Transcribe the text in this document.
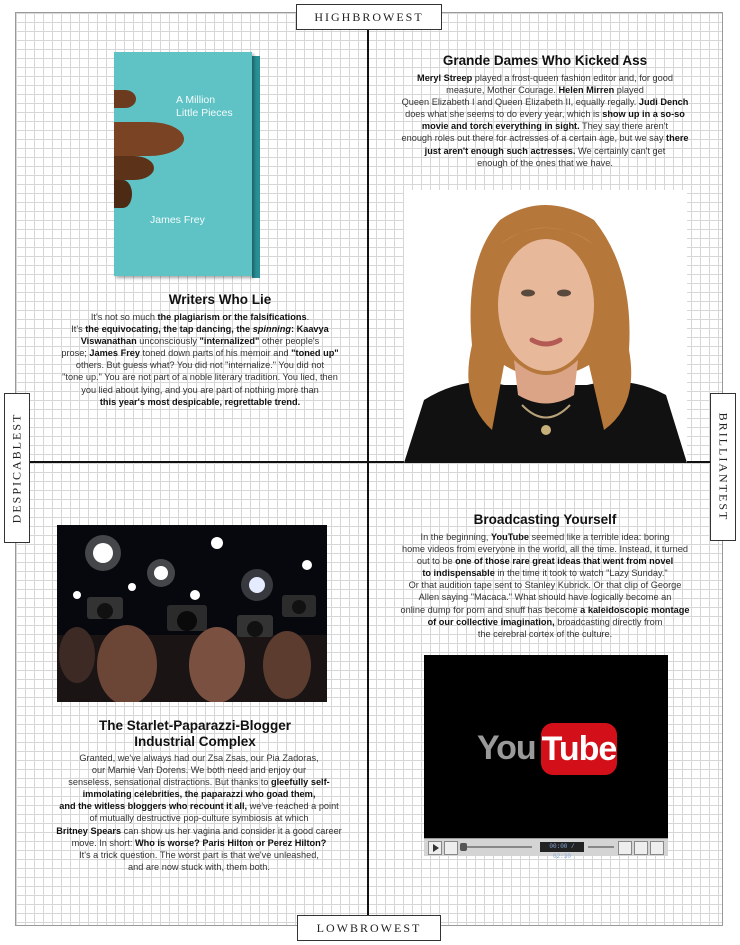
HIGHBROWEST
LOWBROWEST
DESPICABLEST	BRILLIANTEST
A Million
Little Pieces
James Frey
Writers Who Lie
It's not so much the plagiarism or the falsifications.
It's the equivocating, the tap dancing, the spinning: Kaavya
Viswanathan unconsciously "internalized" other people's
prose; James Frey toned down parts of his memoir and "toned up"
others. But guess what? You did not "internalize." You did not
"tone up." You are not part of a noble literary tradition. You lied, then
you lied about lying, and you are part of nothing more than
this year's most despicable, regrettable trend.
Grande Dames Who Kicked Ass
Meryl Streep played a frost-queen fashion editor and, for good
measure, Mother Courage. Helen Mirren played
Queen Elizabeth I and Queen Elizabeth II, equally regally. Judi Dench
does what she seems to do every year, which is show up in a so-so
movie and torch everything in sight. They say there aren't
enough roles out there for actresses of a certain age, but we say there
just aren't enough such actresses. We certainly can't get
enough of the ones that we have.
The Starlet-Paparazzi-Blogger
Industrial Complex
Granted, we've always had our Zsa Zsas, our Pia Zadoras,
our Mamie Van Dorens. We both need and enjoy our
senseless, sensational distractions. But thanks to gleefully self-
immolating celebrities, the paparazzi who goad them,
and the witless bloggers who recount it all, we've reached a point
of mutually destructive pop-culture symbiosis at which
Britney Spears can show us her vagina and consider it a good career
move. In short: Who is worse? Paris Hilton or Perez Hilton?
It's a trick question. The worst part is that we've unleashed,
and are now stuck with, them both.
Broadcasting Yourself
In the beginning, YouTube seemed like a terrible idea: boring
home videos from everyone in the world, all the time. Instead, it turned
out to be one of those rare great ideas that went from novel
to indispensable in the time it took to watch "Lazy Sunday."
Or that audition tape sent to Stanley Kubrick. Or that clip of George
Allen saying "Macaca." What should have logically become an
online dump for porn and snuff has become a kaleidoscopic montage
of our collective imagination, broadcasting directly from
the cerebral cortex of the culture.
You Tube
00:00 / 02:30
